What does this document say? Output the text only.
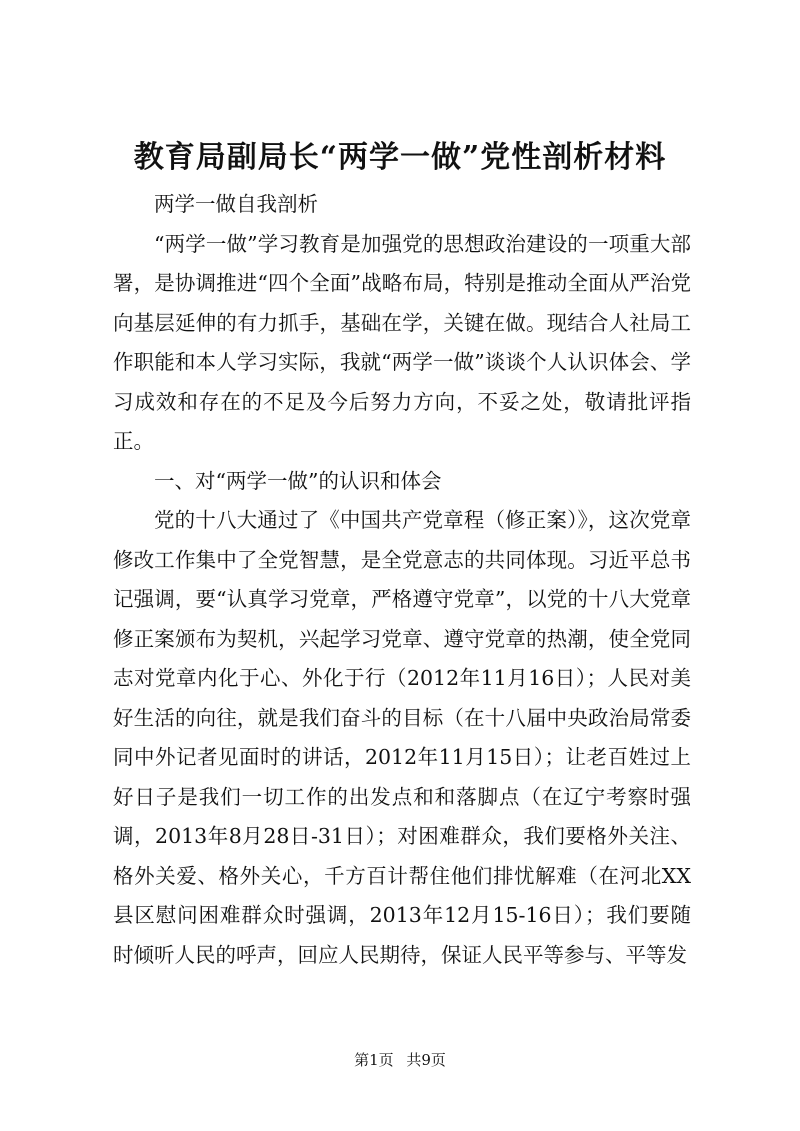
教育局副局长“两学一做”党性剖析材料

两学一做自我剖析

“两学一做”学习教育是加强党的思想政治建设的一项重大部署，是协调推进“四个全面”战略布局，特别是推动全面从严治党向基层延伸的有力抓手，基础在学，关键在做。现结合人社局工作职能和本人学习实际，我就“两学一做”谈谈个人认识体会、学习成效和存在的不足及今后努力方向，不妥之处，敬请批评指正。

一、对“两学一做”的认识和体会

党的十八大通过了《中国共产党章程（修正案）》，这次党章修改工作集中了全党智慧，是全党意志的共同体现。习近平总书记强调，要“认真学习党章，严格遵守党章”，以党的十八大党章修正案颁布为契机，兴起学习党章、遵守党章的热潮，使全党同志对党章内化于心、外化于行（2012年11月16日）；人民对美好生活的向往，就是我们奋斗的目标（在十八届中央政治局常委同中外记者见面时的讲话，2012年11月15日）；让老百姓过上好日子是我们一切工作的出发点和和落脚点（在辽宁考察时强调，2013年8月28日-31日）；对困难群众，我们要格外关注、格外关爱、格外关心，千方百计帮住他们排忧解难（在河北XX县区慰问困难群众时强调，2013年12月15-16日）；我们要随时倾听人民的呼声，回应人民期待，保证人民平等参与、平等发

第1页 共9页
